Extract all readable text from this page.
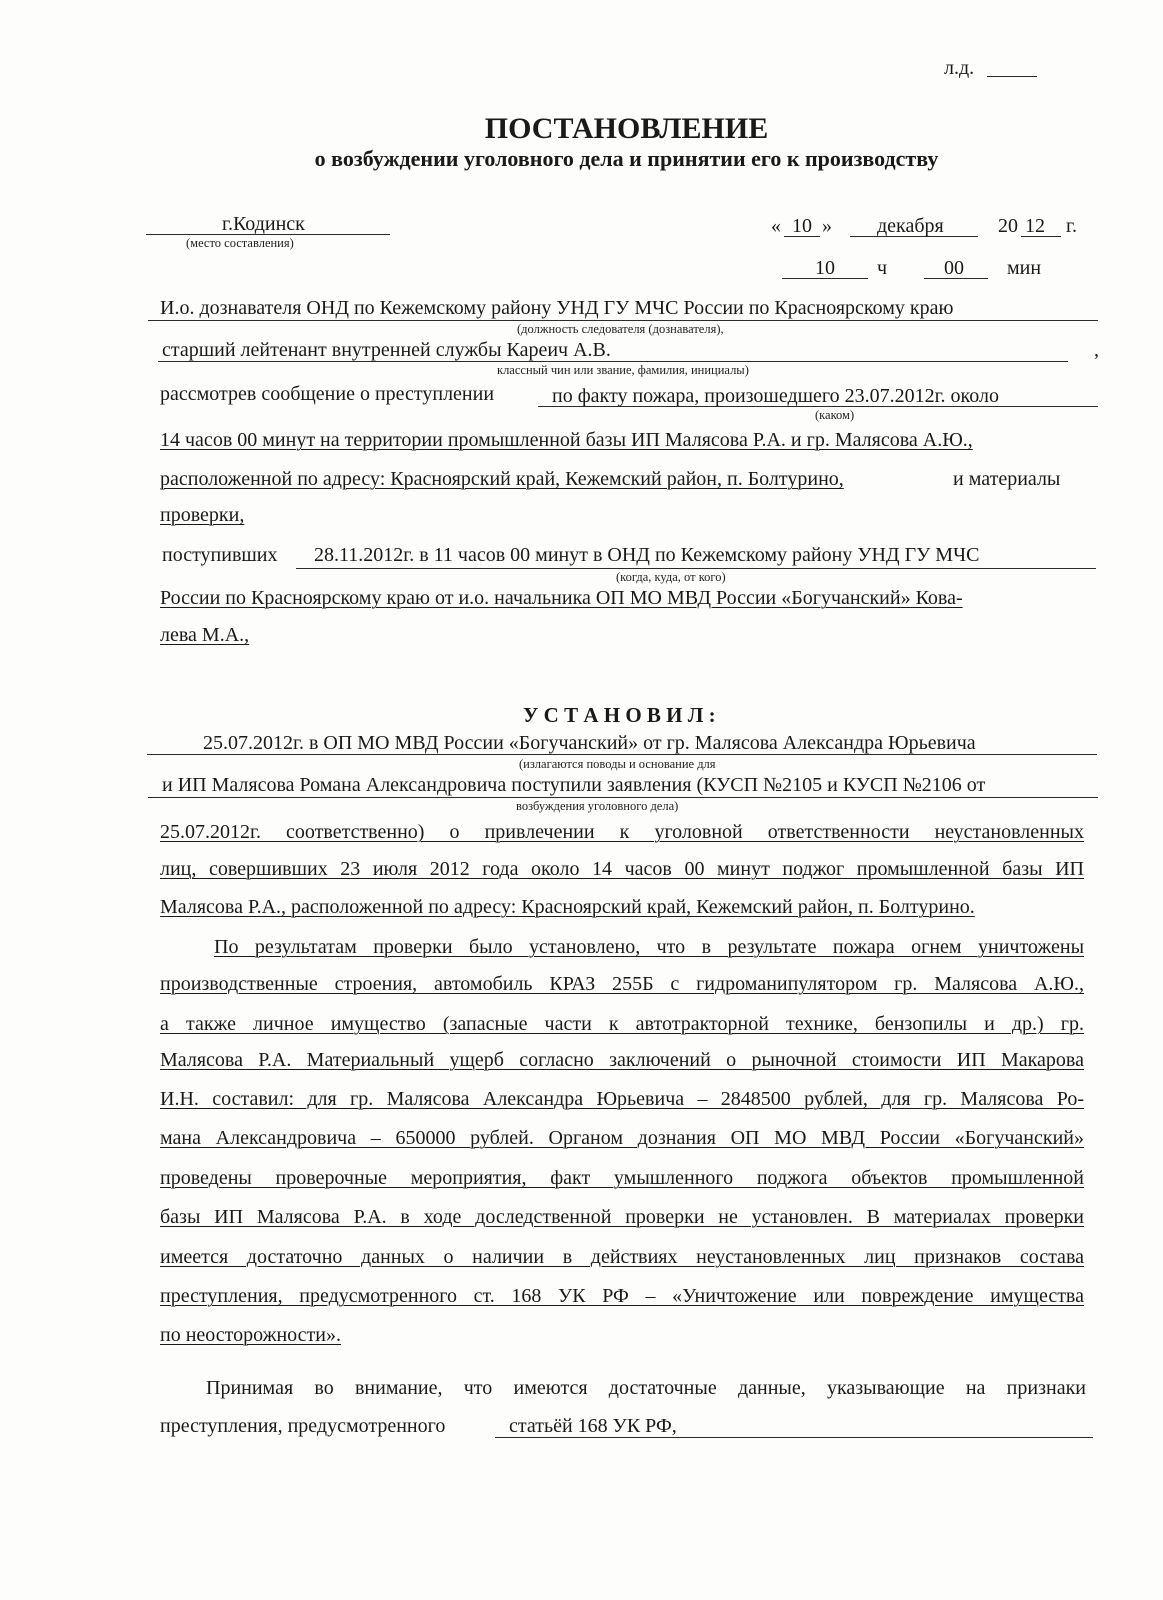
л.д.
ПОСТАНОВЛЕНИЕ
о возбуждении уголовного дела и принятии его к производству
г.Кодинск
(место составления)
« 10 » декабря	20 12 г.
10 ч	00 мин
И.о. дознавателя ОНД по Кежемскому району УНД ГУ МЧС России по Красноярскому краю
(должность следователя (дознавателя),
старший лейтенант внутренней службы Кареич А.В.	,
классный чин или звание, фамилия, инициалы)
рассмотрев сообщение о преступлении	по факту пожара, произошедшего 23.07.2012г. около
(каком)
14 часов 00 минут на территории промышленной базы ИП Малясова Р.А. и гр. Малясова А.Ю.,
расположенной по адресу: Красноярский край, Кежемский район, п. Болтурино,	и материалы
проверки,
поступивших 28.11.2012г. в 11 часов 00 минут в ОНД по Кежемскому району УНД ГУ МЧС
(когда, куда, от кого)
России по Красноярскому краю от и.о. начальника ОП МО МВД России «Богучанский» Кова-
лева М.А.,
У С Т А Н О В И Л :
25.07.2012г. в ОП МО МВД России «Богучанский» от гр. Малясова Александра Юрьевича
(излагаются поводы и основание для
и ИП Малясова Романа Александровича поступили заявления (КУСП №2105 и КУСП №2106 от
возбуждения уголовного дела)
25.07.2012г. соответственно) о привлечении к уголовной ответственности неустановленных
лиц, совершивших 23 июля 2012 года около 14 часов 00 минут поджог промышленной базы ИП
Малясова Р.А., расположенной по адресу: Красноярский край, Кежемский район, п. Болтурино.
По результатам проверки было установлено, что в результате пожара огнем уничтожены
производственные строения, автомобиль КРАЗ 255Б с гидроманипулятором гр. Малясова А.Ю.,
а также личное имущество (запасные части к автотракторной технике, бензопилы и др.) гр.
Малясова Р.А. Материальный ущерб согласно заключений о рыночной стоимости ИП Макарова
И.Н. составил: для гр. Малясова Александра Юрьевича – 2848500 рублей, для гр. Малясова Ро-
мана Александровича – 650000 рублей. Органом дознания ОП МО МВД России «Богучанский»
проведены проверочные мероприятия, факт умышленного поджога объектов промышленной
базы ИП Малясова Р.А. в ходе доследственной проверки не установлен. В материалах проверки
имеется достаточно данных о наличии в действиях неустановленных лиц признаков состава
преступления, предусмотренного ст. 168 УК РФ – «Уничтожение или повреждение имущества
по неосторожности».
Принимая во внимание, что имеются достаточные данные, указывающие на признаки
преступления, предусмотренного	статьёй 168 УК РФ,
